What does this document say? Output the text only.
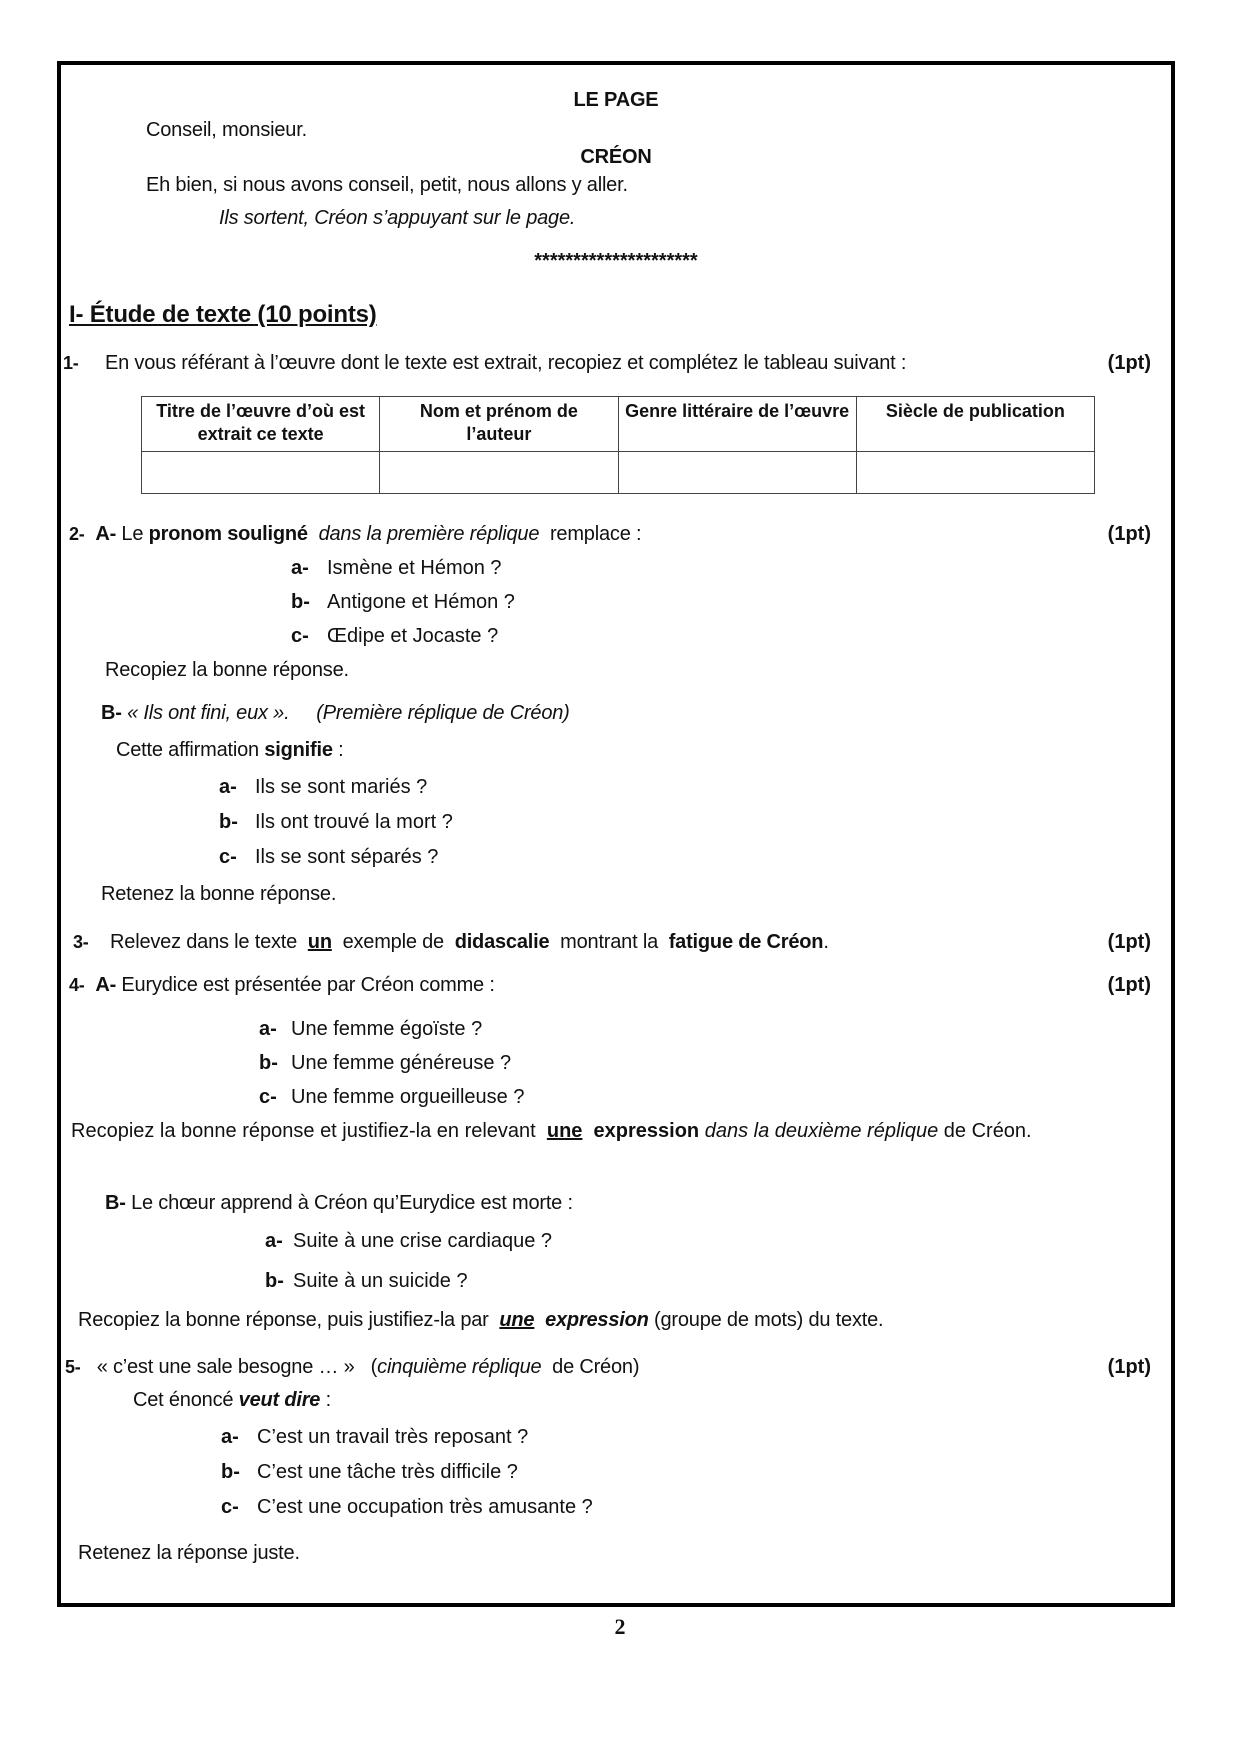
LE PAGE
Conseil, monsieur.
CRÉON
Eh bien, si nous avons conseil, petit, nous allons y aller.
Ils sortent, Créon s’appuyant sur le page.
*********************
I- Étude de texte (10 points)
1- En vous référant à l’œuvre dont le texte est extrait, recopiez et complétez le tableau suivant :	(1pt)
Titre de l’œuvre d’où est extrait ce texte	Nom et prénom de l’auteur	Genre littéraire de l’œuvre	Siècle de publication

2- A- Le pronom souligné dans la première réplique remplace :	(1pt)
a- Ismène et Hémon ?
b- Antigone et Hémon ?
c- Œdipe et Jocaste ?
Recopiez la bonne réponse.
B- « Ils ont fini, eux ». (Première réplique de Créon)
Cette affirmation signifie :
a- Ils se sont mariés ?
b- Ils ont trouvé la mort ?
c- Ils se sont séparés ?
Retenez la bonne réponse.
3- Relevez dans le texte un exemple de didascalie montrant la fatigue de Créon.	(1pt)
4- A- Eurydice est présentée par Créon comme :	(1pt)
a- Une femme égoïste ?
b- Une femme généreuse ?
c- Une femme orgueilleuse ?
Recopiez la bonne réponse et justifiez-la en relevant une expression dans la deuxième réplique de Créon.
B- Le chœur apprend à Créon qu’Eurydice est morte :
a- Suite à une crise cardiaque ?
b- Suite à un suicide ?
Recopiez la bonne réponse, puis justifiez-la par une expression (groupe de mots) du texte.
5- « c’est une sale besogne … » (cinquième réplique de Créon)	(1pt)
Cet énoncé veut dire :
a- C’est un travail très reposant ?
b- C’est une tâche très difficile ?
c- C’est une occupation très amusante ?
Retenez la réponse juste.
2
